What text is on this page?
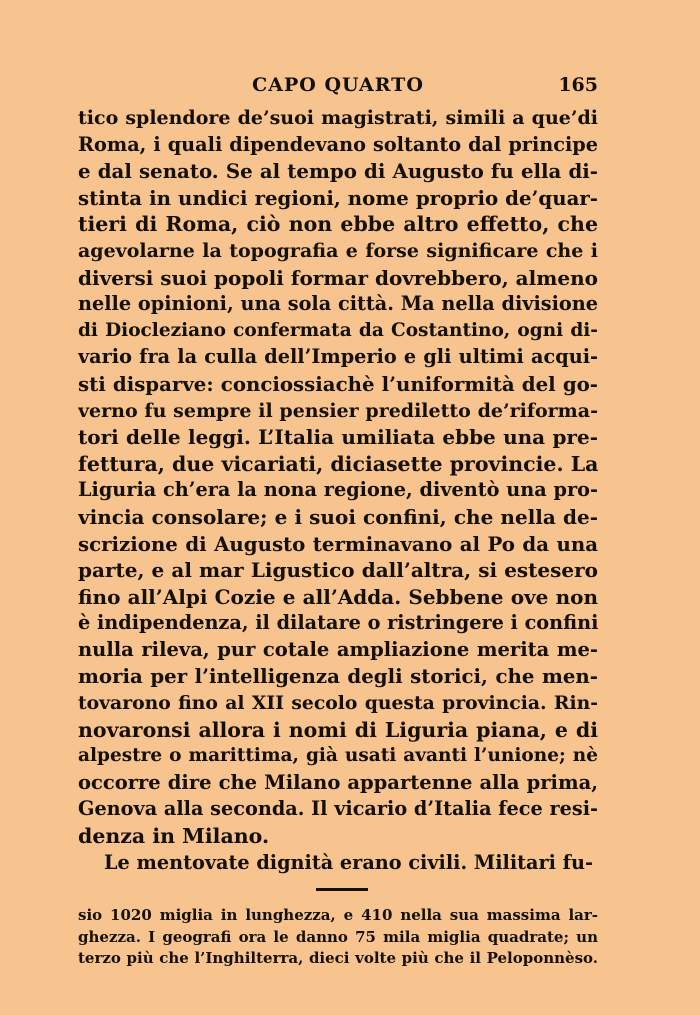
CAPO QUARTO	165
tico splendore de’suoi magistrati, simili a que’di
Roma, i quali dipendevano soltanto dal principe
e dal senato. Se al tempo di Augusto fu ella di-
stinta in undici regioni, nome proprio de’quar-
tieri di Roma, ciò non ebbe altro effetto, che
agevolarne la topografia e forse significare che i
diversi suoi popoli formar dovrebbero, almeno
nelle opinioni, una sola città. Ma nella divisione
di Diocleziano confermata da Costantino, ogni di-
vario fra la culla dell’Imperio e gli ultimi acqui-
sti disparve: conciossiachè l’uniformità del go-
verno fu sempre il pensier prediletto de’riforma-
tori delle leggi. L’Italia umiliata ebbe una pre-
fettura, due vicariati, diciasette provincie. La
Liguria ch’era la nona regione, diventò una pro-
vincia consolare; e i suoi confini, che nella de-
scrizione di Augusto terminavano al Po da una
parte, e al mar Ligustico dall’altra, si estesero
fino all’Alpi Cozie e all’Adda. Sebbene ove non
è indipendenza, il dilatare o ristringere i confini
nulla rileva, pur cotale ampliazione merita me-
moria per l’intelligenza degli storici, che men-
tovarono fino al XII secolo questa provincia. Rin-
novaronsi allora i nomi di Liguria piana, e di
alpestre o marittima, già usati avanti l’unione; nè
occorre dire che Milano appartenne alla prima,
Genova alla seconda. Il vicario d’Italia fece resi-
denza in Milano.
Le mentovate dignità erano civili. Militari fu-
sio 1020 miglia in lunghezza, e 410 nella sua massima lar-
ghezza. I geografi ora le danno 75 mila miglia quadrate; un
terzo più che l’Inghilterra, dieci volte più che il Peloponnèso.
